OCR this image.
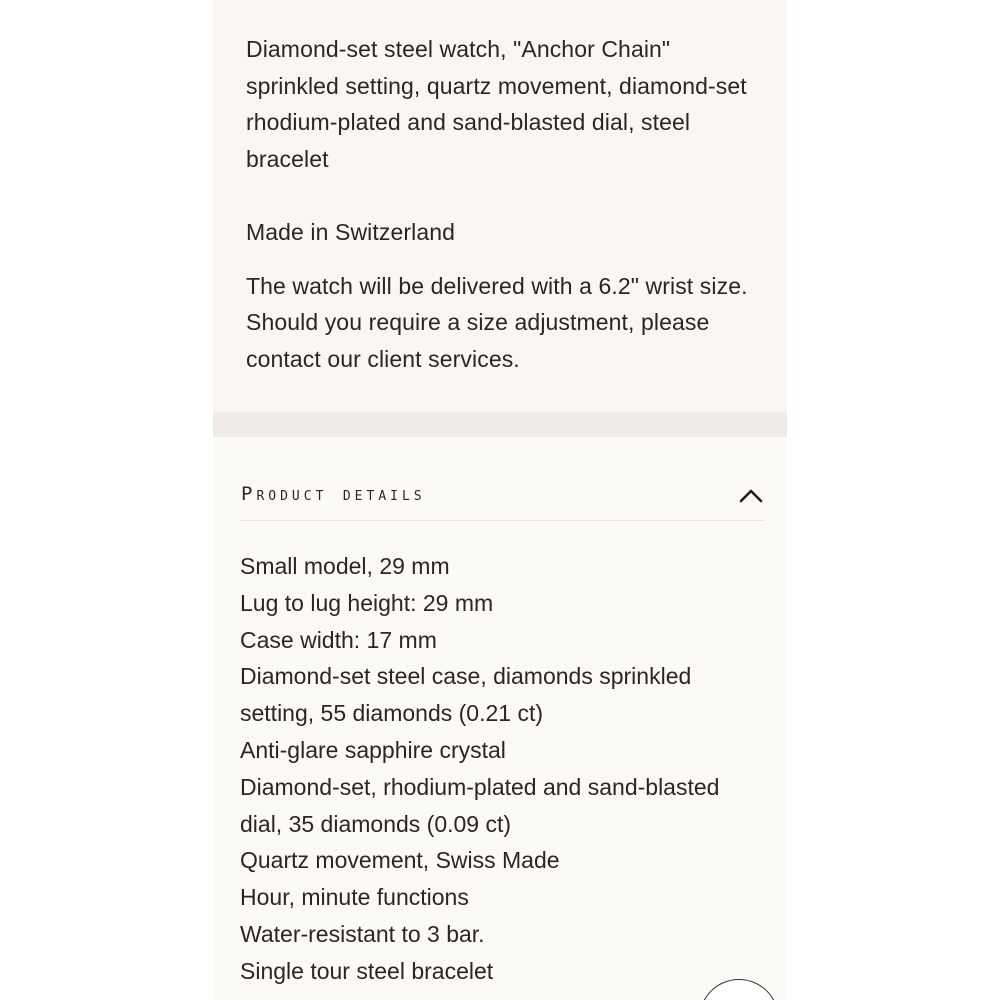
Diamond-set steel watch, "Anchor Chain" sprinkled setting, quartz movement, diamond-set rhodium-plated and sand-blasted dial, steel bracelet

Made in Switzerland

The watch will be delivered with a 6.2" wrist size. Should you require a size adjustment, please contact our client services.

Product details
Small model, 29 mm
Lug to lug height: 29 mm
Case width: 17 mm
Diamond-set steel case, diamonds sprinkled setting, 55 diamonds (0.21 ct)
Anti-glare sapphire crystal
Diamond-set, rhodium-plated and sand-blasted dial, 35 diamonds (0.09 ct)
Quartz movement, Swiss Made
Hour, minute functions
Water-resistant to 3 bar.
Single tour steel bracelet
